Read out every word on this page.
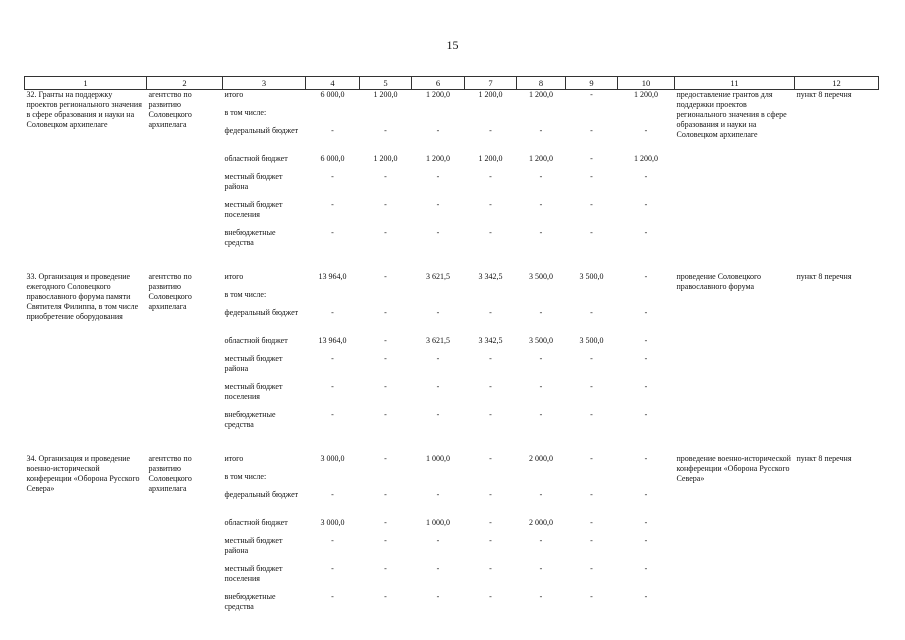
15
1	2	3	4	5	6	7	8	9	10	11	12
32. Гранты на поддержку проектов регионального значения в сфере образования и науки на Соловецком архипелаге	агентство по развитию Соловецкого архипелага	итого	6 000,0	1 200,0	1 200,0	1 200,0	1 200,0	-	1 200,0	предоставление грантов для поддержки проектов регионального значения в сфере образования и науки на Соловецком архипелаге	пункт 8 перечня
		в том числе:									
		федеральный бюджет	-	-	-	-	-	-	-		
		областной бюджет	6 000,0	1 200,0	1 200,0	1 200,0	1 200,0	-	1 200,0		
		местный бюджет района	-	-	-	-	-	-	-		
		местный бюджет поселения	-	-	-	-	-	-	-		
		внебюджетные средства	-	-	-	-	-	-	-		

33. Организация и проведение ежегодного Соловецкого православного форума памяти Святителя Филиппа, в том числе приобретение оборудования	агентство по развитию Соловецкого архипелага	итого	13 964,0	-	3 621,5	3 342,5	3 500,0	3 500,0	-	проведение Соловецкого православного форума	пункт 8 перечня
		в том числе:									
		федеральный бюджет	-	-	-	-	-	-	-		
		областной бюджет	13 964,0	-	3 621,5	3 342,5	3 500,0	3 500,0	-		
		местный бюджет района	-	-	-	-	-	-	-		
		местный бюджет поселения	-	-	-	-	-	-	-		
		внебюджетные средства	-	-	-	-	-	-	-		

34. Организация и проведение военно-исторической конференции «Оборона Русского Севера»	агентство по развитию Соловецкого архипелага	итого	3 000,0	-	1 000,0	-	2 000,0	-	-	проведение военно-исторической конференции «Оборона Русского Севера»	пункт 8 перечня
		в том числе:									
		федеральный бюджет	-	-	-	-	-	-	-		
		областной бюджет	3 000,0	-	1 000,0	-	2 000,0	-	-		
		местный бюджет района	-	-	-	-	-	-	-		
		местный бюджет поселения	-	-	-	-	-	-	-		
		внебюджетные средства	-	-	-	-	-	-	-		
